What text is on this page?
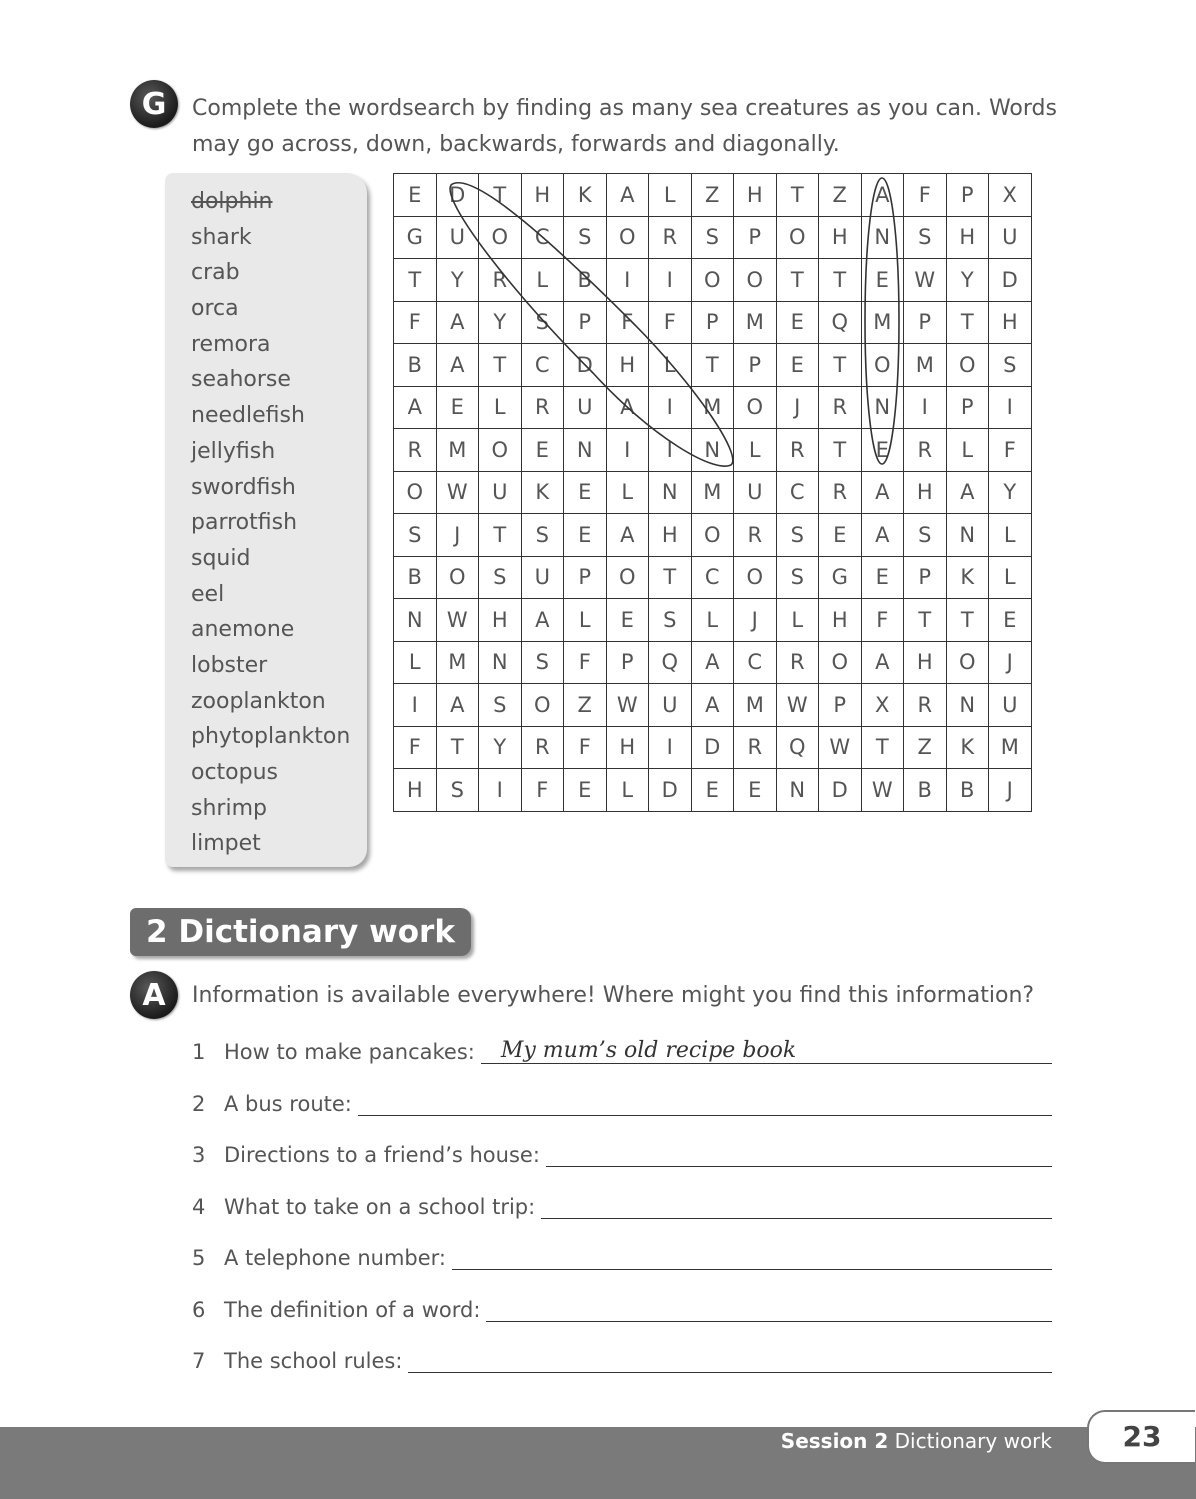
G	Complete the wordsearch by finding as many sea creatures as you can. Words
may go across, down, backwards, forwards and diagonally.
dolphin
shark
crab
orca
remora
seahorse
needlefish
jellyfish
swordfish
parrotfish
squid
eel
anemone
lobster
zooplankton
phytoplankton
octopus
shrimp
limpet
E	D	T	H	K	A	L	Z	H	T	Z	A	F	P	X
G	U	O	C	S	O	R	S	P	O	H	N	S	H	U
T	Y	R	L	B	I	I	O	O	T	T	E	W	Y	D
F	A	Y	S	P	F	F	P	M	E	Q	M	P	T	H
B	A	T	C	D	H	L	T	P	E	T	O	M	O	S
A	E	L	R	U	A	I	M	O	J	R	N	I	P	I
R	M	O	E	N	I	I	N	L	R	T	E	R	L	F
O	W	U	K	E	L	N	M	U	C	R	A	H	A	Y
S	J	T	S	E	A	H	O	R	S	E	A	S	N	L
B	O	S	U	P	O	T	C	O	S	G	E	P	K	L
N	W	H	A	L	E	S	L	J	L	H	F	T	T	E
L	M	N	S	F	P	Q	A	C	R	O	A	H	O	J
I	A	S	O	Z	W	U	A	M	W	P	X	R	N	U
F	T	Y	R	F	H	I	D	R	Q	W	T	Z	K	M
H	S	I	F	E	L	D	E	E	N	D	W	B	B	J
2 Dictionary work
A	Information is available everywhere! Where might you find this information?
1 How to make pancakes: My mum’s old recipe book
2 A bus route:
3 Directions to a friend’s house:
4 What to take on a school trip:
5 A telephone number:
6 The definition of a word:
7 The school rules:
Session 2 Dictionary work	23
